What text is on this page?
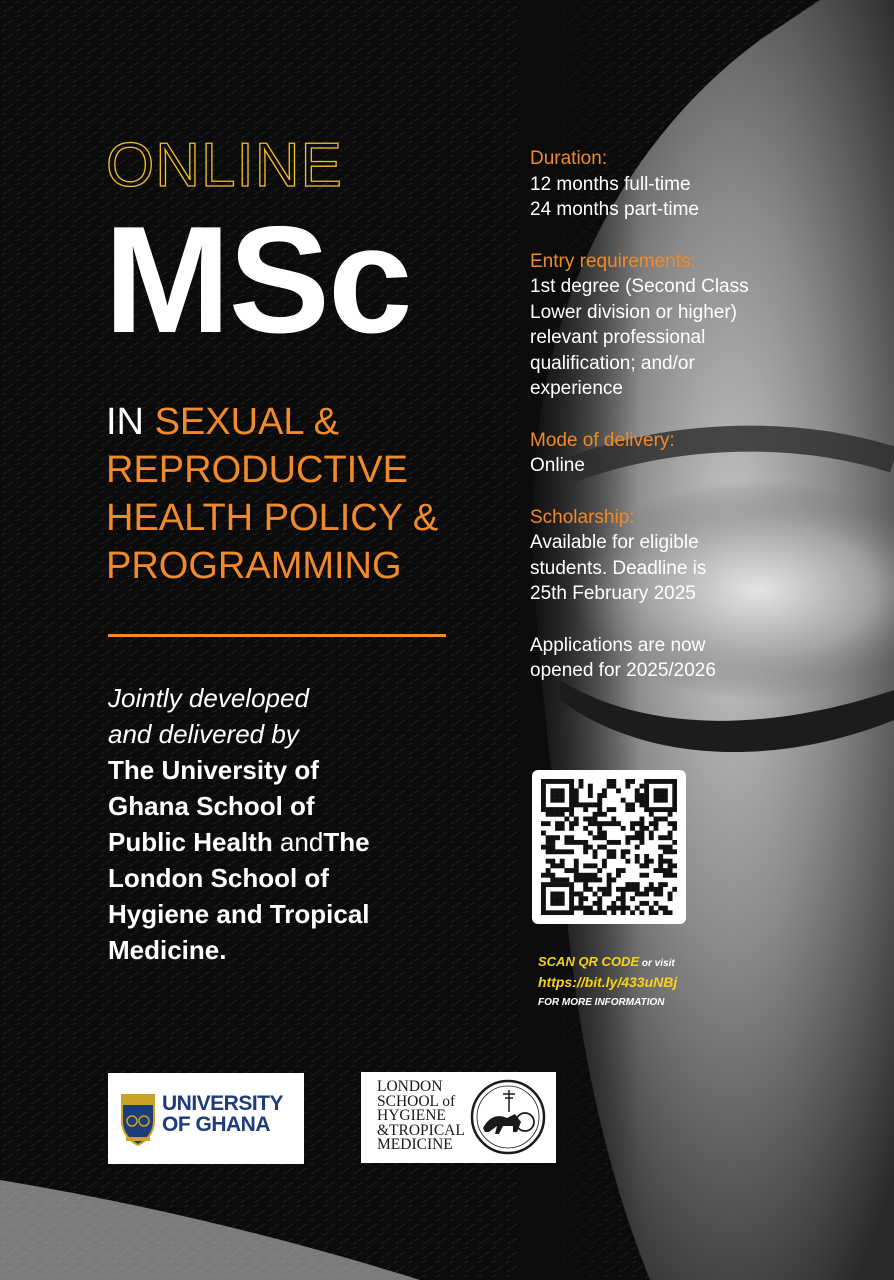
ONLINE
MSc
IN SEXUAL &
REPRODUCTIVE
HEALTH POLICY &
PROGRAMMING
Jointly developed
and delivered by
The University of
Ghana School of
Public Health andThe
London School of
Hygiene and Tropical
Medicine.
Duration:
12 months full-time
24 months part-time
Entry requirements:
1st degree (Second Class
Lower division or higher)
relevant professional
qualification; and/or
experience
Mode of delivery:
Online
Scholarship:
Available for eligible
students. Deadline is
25th February 2025
Applications are now
opened for 2025/2026
SCAN QR CODE or visit
https://bit.ly/433uNBj
FOR MORE INFORMATION
UNIVERSITY
OF GHANA
LONDON
SCHOOL of
HYGIENE
&TROPICAL
MEDICINE
